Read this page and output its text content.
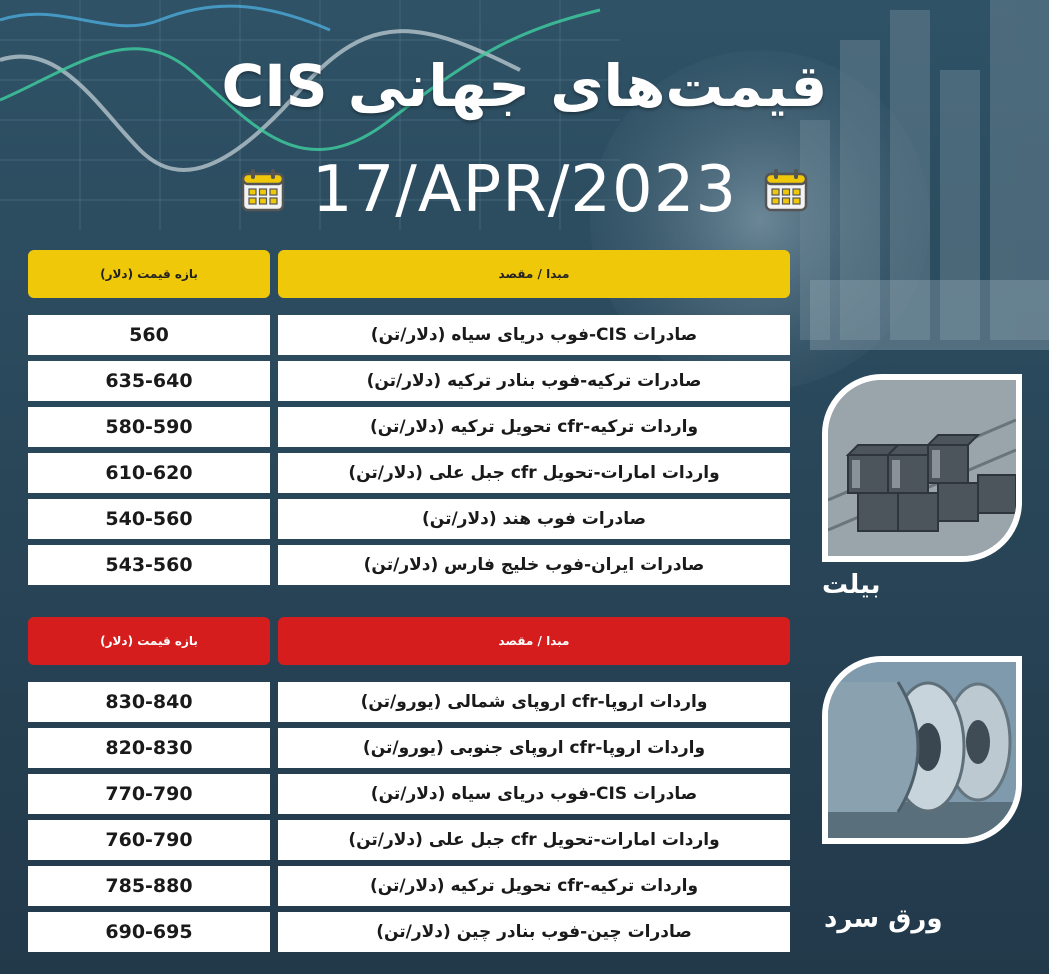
قیمت‌های جهانی CIS
17/APR/2023
بازه قیمت (دلار)	مبدا / مقصد
560	صادرات CIS-فوب دریای سیاه (دلار/تن)
635-640	صادرات ترکیه-فوب بنادر ترکیه (دلار/تن)
580-590	واردات ترکیه-cfr تحویل ترکیه (دلار/تن)
610-620	واردات امارات-تحویل cfr جبل علی (دلار/تن)
540-560	صادرات فوب هند (دلار/تن)
543-560	صادرات ایران-فوب خلیج فارس (دلار/تن)
بازه قیمت (دلار)	مبدا / مقصد
830-840	واردات اروپا-cfr اروپای شمالی (یورو/تن)
820-830	واردات اروپا-cfr اروپای جنوبی (یورو/تن)
770-790	صادرات CIS-فوب دریای سیاه (دلار/تن)
760-790	واردات امارات-تحویل cfr جبل علی (دلار/تن)
785-880	واردات ترکیه-cfr تحویل ترکیه (دلار/تن)
690-695	صادرات چین-فوب بنادر چین (دلار/تن)
بیلت
ورق سرد
